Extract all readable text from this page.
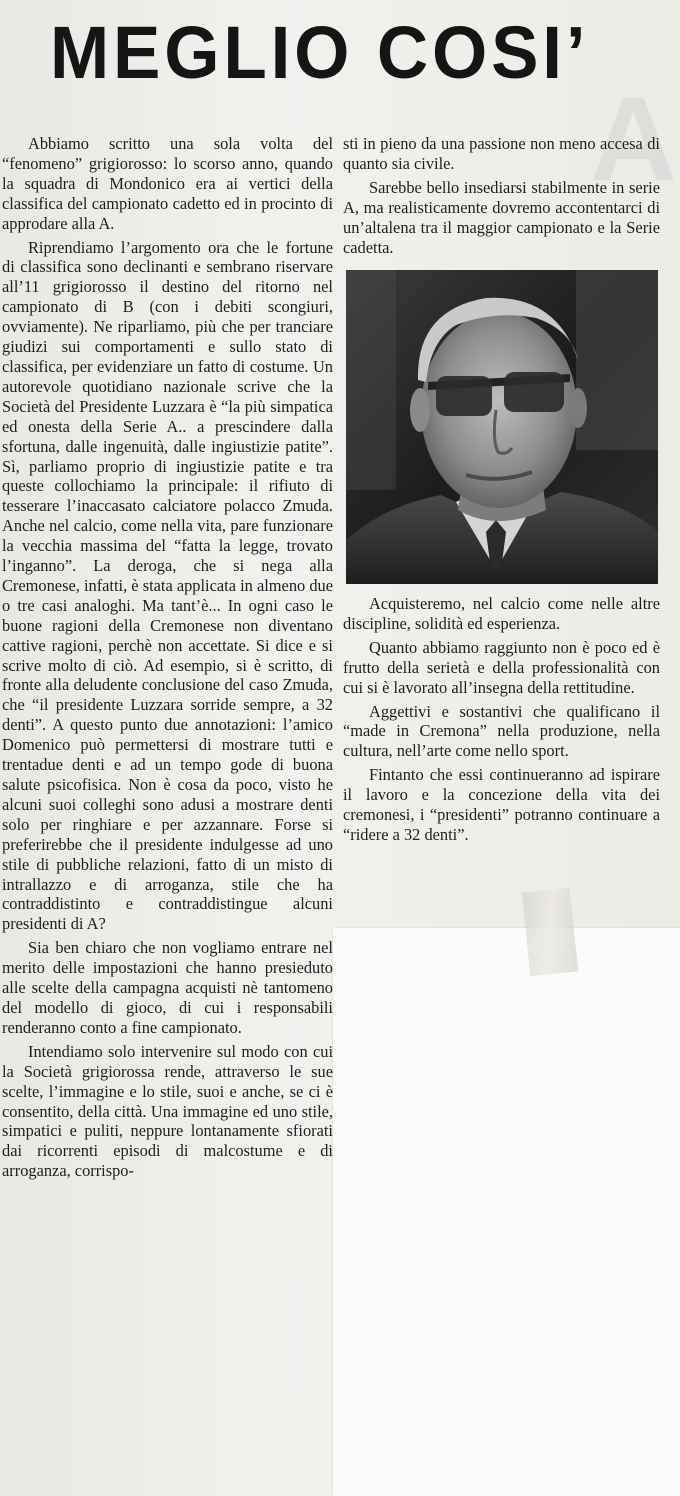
A
MEGLIO COSI’

Abbiamo scritto una sola volta del “fenomeno” grigiorosso: lo scorso anno, quando la squadra di Mondonico era ai vertici della classifica del campionato cadetto ed in procinto di approdare alla A.

Riprendiamo l’argomento ora che le fortune di classifica sono declinanti e sembrano riservare all’11 grigiorosso il destino del ritorno nel campionato di B (con i debiti scongiuri, ovviamente). Ne riparliamo, più che per tranciare giudizi sui comportamenti e sullo stato di classifica, per evidenziare un fatto di costume. Un autorevole quotidiano nazionale scrive che la Società del Presidente Luzzara è “la più simpatica ed onesta della Serie A.. a prescindere dalla sfortuna, dalle ingenuità, dalle ingiustizie patite”. Sì, parliamo proprio di ingiustizie patite e tra queste collochiamo la principale: il rifiuto di tesserare l’inaccasato calciatore polacco Zmuda. Anche nel calcio, come nella vita, pare funzionare la vecchia massima del “fatta la legge, trovato l’inganno”. La deroga, che si nega alla Cremonese, infatti, è stata applicata in almeno due o tre casi analoghi. Ma tant’è... In ogni caso le buone ragioni della Cremonese non diventano cattive ragioni, perchè non accettate. Si dice e si scrive molto di ciò. Ad esempio, si è scritto, di fronte alla deludente conclusione del caso Zmuda, che “il presidente Luzzara sorride sempre, a 32 denti”. A questo punto due annotazioni: l’amico Domenico può permettersi di mostrare tutti e trentadue denti e ad un tempo gode di buona salute psicofisica. Non è cosa da poco, visto he alcuni suoi colleghi sono adusi a mostrare denti solo per ringhiare e per azzannare. Forse si preferirebbe che il presidente indulgesse ad uno stile di pubbliche relazioni, fatto di un misto di intrallazzo e di arroganza, stile che ha contraddistinto e contraddistingue alcuni presidenti di A?

Sia ben chiaro che non vogliamo entrare nel merito delle impostazioni che hanno presieduto alle scelte della campagna acquisti nè tantomeno del modello di gioco, di cui i responsabili renderanno conto a fine campionato.

Intendiamo solo intervenire sul modo con cui la Società grigiorossa rende, attraverso le sue scelte, l’immagine e lo stile, suoi e anche, se ci è consentito, della città. Una immagine ed uno stile, simpatici e puliti, neppure lontanamente sfiorati dai ricorrenti episodi di malcostume e di arroganza, corrispo-

sti in pieno da una passione non meno accesa di quanto sia civile.

Sarebbe bello insediarsi stabilmente in serie A, ma realisticamente dovremo accontentarci di un’altalena tra il maggior campionato e la Serie cadetta.

Acquisteremo, nel calcio come nelle altre discipline, solidità ed esperienza.

Quanto abbiamo raggiunto non è poco ed è frutto della serietà e della professionalità con cui si è lavorato all’insegna della rettitudine.

Aggettivi e sostantivi che qualificano il “made in Cremona” nella produzione, nella cultura, nell’arte come nello sport.

Fintanto che essi continueranno ad ispirare il lavoro e la concezione della vita dei cremonesi, i “presidenti” potranno continuare a “ridere a 32 denti”.
